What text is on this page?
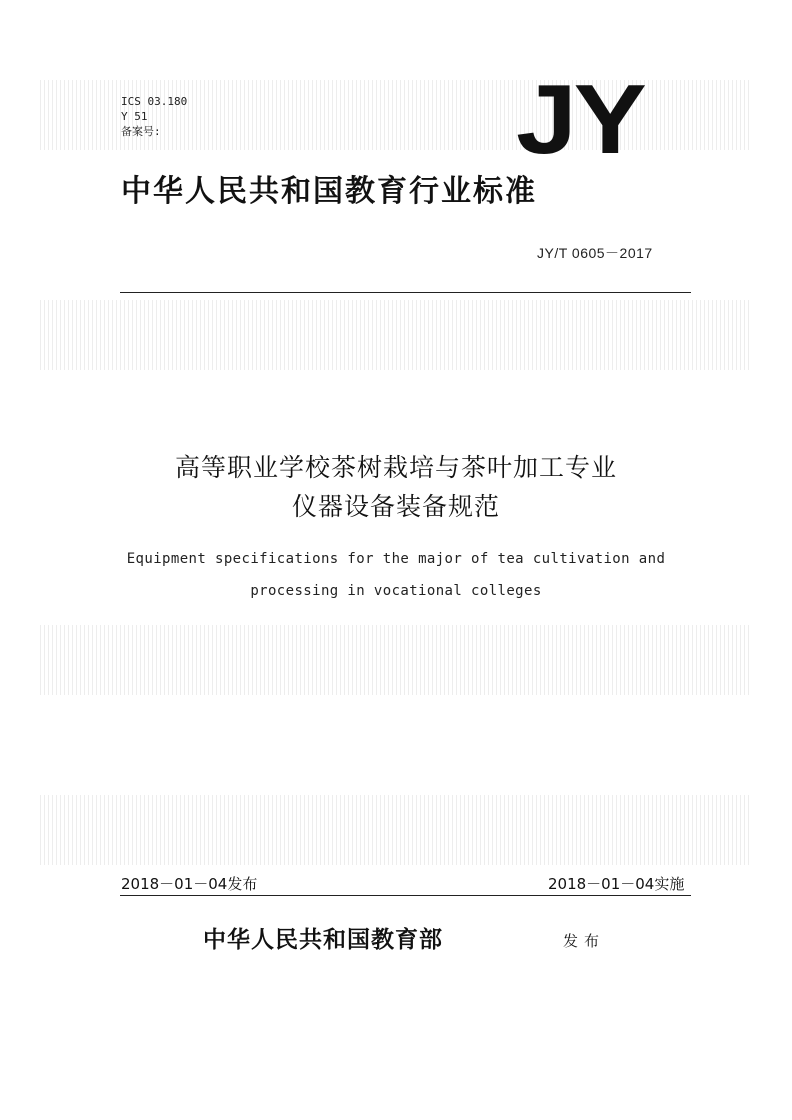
ICS 03.180
Y 51
备案号:	JY
中华人民共和国教育行业标准
JY/T 0605－2017
高等职业学校茶树栽培与茶叶加工专业
仪器设备装备规范
Equipment specifications for the major of tea cultivation and
processing in vocational colleges
2018－01－04发布	2018－01－04实施
中华人民共和国教育部	发布
